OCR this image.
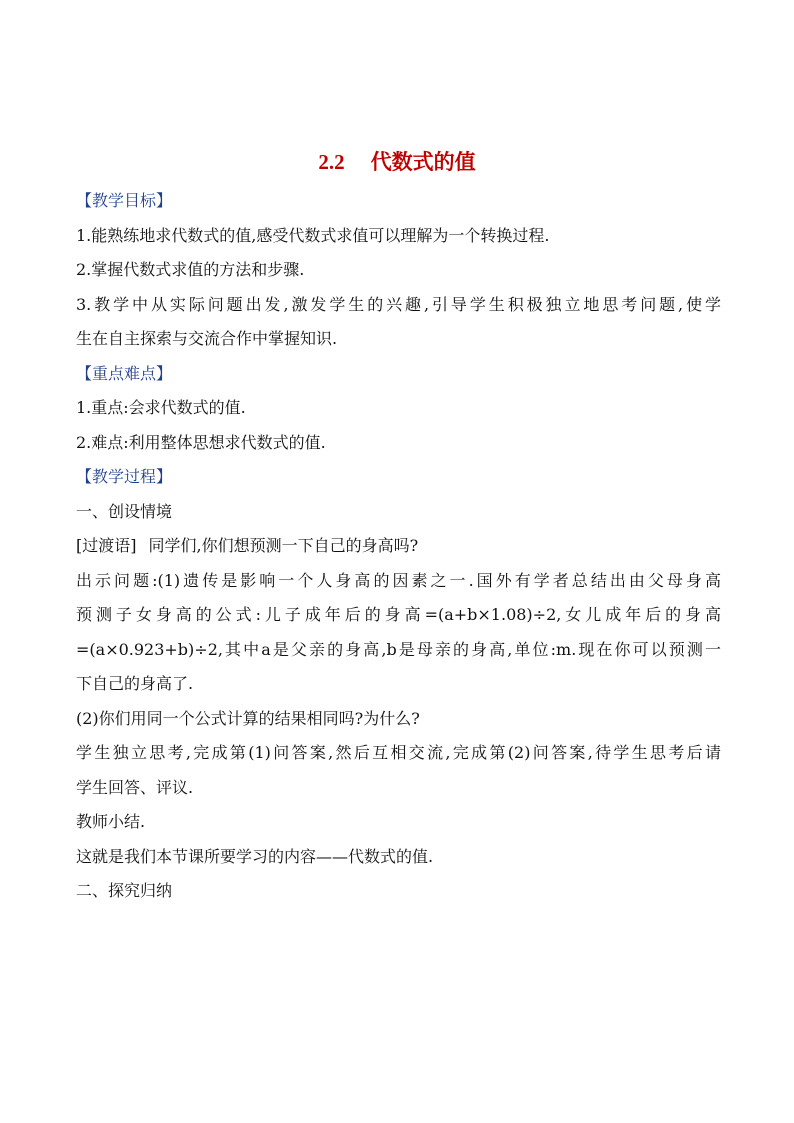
2.2 代数式的值
【教学目标】
1.能熟练地求代数式的值,感受代数式求值可以理解为一个转换过程.
2.掌握代数式求值的方法和步骤.
3.教学中从实际问题出发,激发学生的兴趣,引导学生积极独立地思考问题,使学
生在自主探索与交流合作中掌握知识.
【重点难点】
1.重点:会求代数式的值.
2.难点:利用整体思想求代数式的值.
【教学过程】
一、创设情境
[过渡语] 同学们,你们想预测一下自己的身高吗?
出示问题:(1)遗传是影响一个人身高的因素之一.国外有学者总结出由父母身高
预测子女身高的公式:儿子成年后的身高=(a+b×1.08)÷2,女儿成年后的身高
=(a×0.923+b)÷2,其中a是父亲的身高,b是母亲的身高,单位:m.现在你可以预测一
下自己的身高了.
(2)你们用同一个公式计算的结果相同吗?为什么?
学生独立思考,完成第(1)问答案,然后互相交流,完成第(2)问答案,待学生思考后请
学生回答、评议.
教师小结.
这就是我们本节课所要学习的内容——代数式的值.
二、探究归纳
